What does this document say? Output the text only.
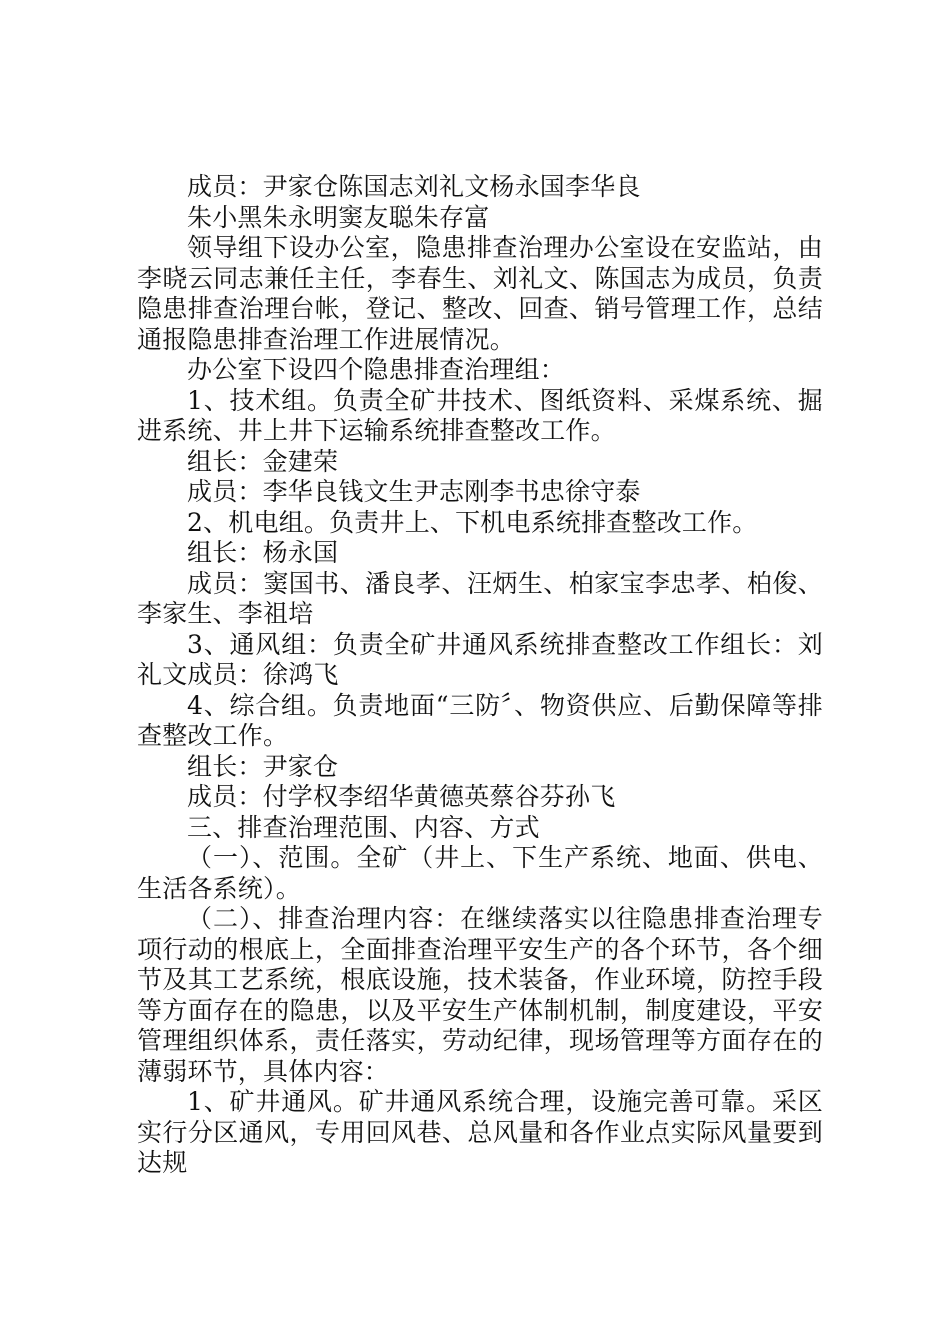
成员：尹家仓陈国志刘礼文杨永国李华良

朱小黑朱永明窦友聪朱存富

领导组下设办公室，隐患排查治理办公室设在安监站，由李晓云同志兼任主任，李春生、刘礼文、陈国志为成员，负责隐患排查治理台帐，登记、整改、回查、销号管理工作，总结通报隐患排查治理工作进展情况。

办公室下设四个隐患排查治理组：

1、技术组。负责全矿井技术、图纸资料、采煤系统、掘进系统、井上井下运输系统排查整改工作。

组长：金建荣

成员：李华良钱文生尹志刚李书忠徐守泰

2、机电组。负责井上、下机电系统排查整改工作。

组长：杨永国

成员：窦国书、潘良孝、汪炳生、柏家宝李忠孝、柏俊、李家生、李祖培

3、通风组：负责全矿井通风系统排查整改工作组长：刘礼文成员：徐鸿飞

4、综合组。负责地面“三防〞、物资供应、后勤保障等排查整改工作。

组长：尹家仓

成员：付学权李绍华黄德英蔡谷芬孙飞

三、排查治理范围、内容、方式

（一）、范围。全矿（井上、下生产系统、地面、供电、生活各系统）。

（二）、排查治理内容：在继续落实以往隐患排查治理专项行动的根底上，全面排查治理平安生产的各个环节，各个细节及其工艺系统，根底设施，技术装备，作业环境，防控手段等方面存在的隐患，以及平安生产体制机制，制度建设，平安管理组织体系，责任落实，劳动纪律，现场管理等方面存在的薄弱环节，具体内容：

1、矿井通风。矿井通风系统合理，设施完善可靠。采区实行分区通风，专用回风巷、总风量和各作业点实际风量要到达规
